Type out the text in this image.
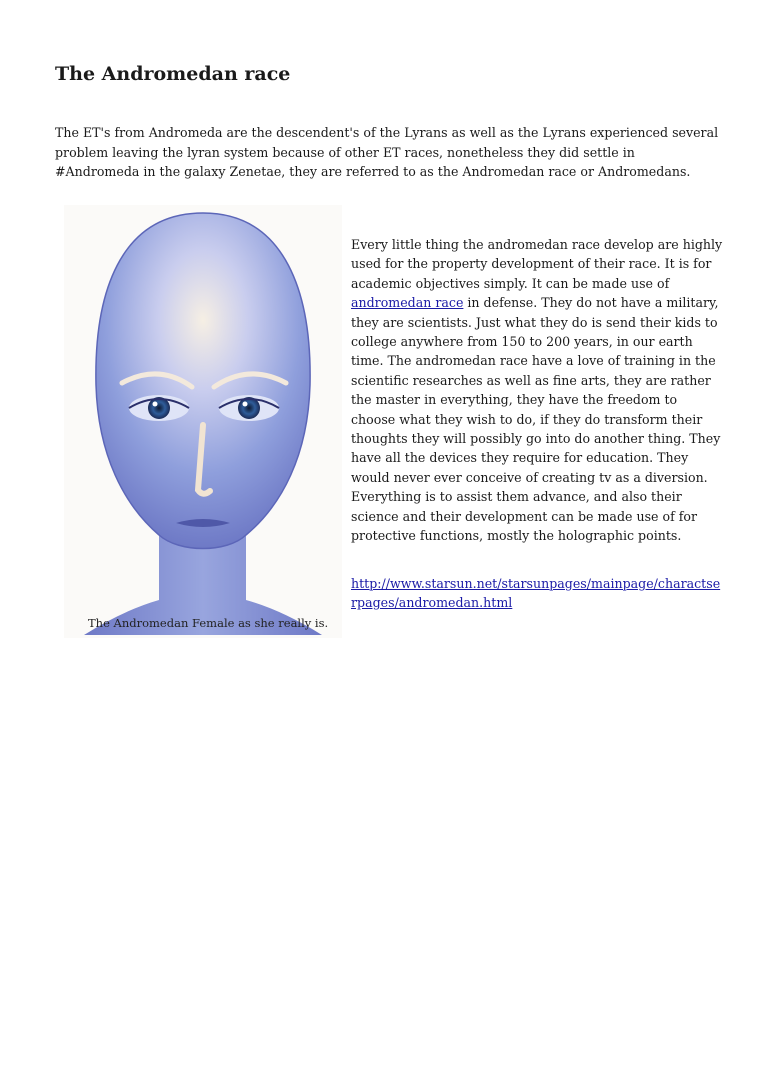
The Andromedan race

The ET's from Andromeda are the descendent's of the Lyrans as well as the Lyrans experienced several problem leaving the lyran system because of other ET races, nonetheless they did settle in #Andromeda in the galaxy Zenetae, they are referred to as the Andromedan race or Andromedans.

The Andromedan Female as she really is.

Every little thing the andromedan race develop are highly used for the property development of their race. It is for academic objectives simply. It can be made use of andromedan race in defense. They do not have a military, they are scientists. Just what they do is send their kids to college anywhere from 150 to 200 years, in our earth time. The andromedan race have a love of training in the scientific researches as well as fine arts, they are rather the master in everything, they have the freedom to choose what they wish to do, if they do transform their thoughts they will possibly go into do another thing. They have all the devices they require for education. They would never ever conceive of creating tv as a diversion. Everything is to assist them advance, and also their science and their development can be made use of for protective functions, mostly the holographic points.

http://www.starsun.net/starsunpages/mainpage/charactserpages/andromedan.html
